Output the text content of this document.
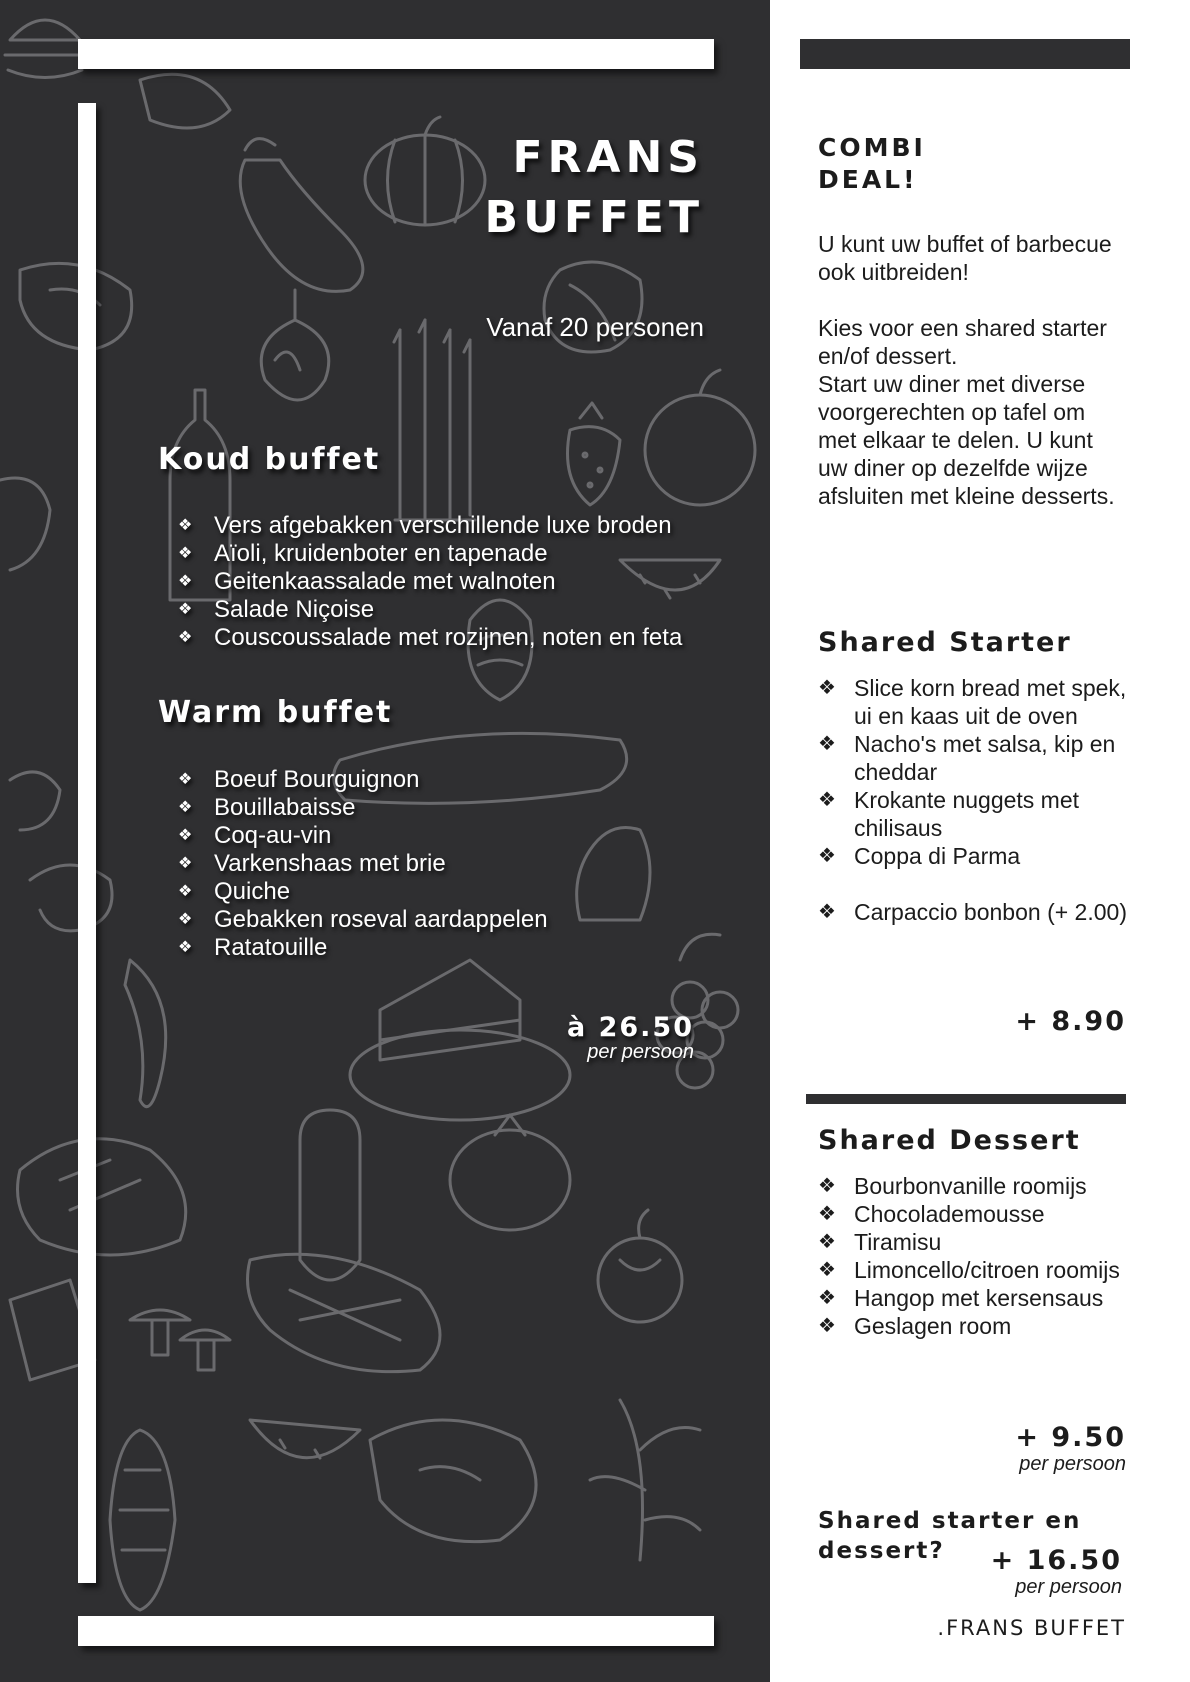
FRANS
BUFFET
Vanaf 20 personen
Koud buffet
❖ Vers afgebakken verschillende luxe broden
❖ Aïoli, kruidenboter en tapenade
❖ Geitenkaassalade met walnoten
❖ Salade Niçoise
❖ Couscoussalade met rozijnen, noten en feta
Warm buffet
❖ Boeuf Bourguignon
❖ Bouillabaisse
❖ Coq-au-vin
❖ Varkenshaas met brie
❖ Quiche
❖ Gebakken roseval aardappelen
❖ Ratatouille
à 26.50
per persoon
COMBI
DEAL!
U kunt uw buffet of barbecue ook uitbreiden!
Kies voor een shared starter en/of dessert.
Start uw diner met diverse voorgerechten op tafel om met elkaar te delen. U kunt uw diner op dezelfde wijze afsluiten met kleine desserts.
Shared Starter
❖ Slice korn bread met spek, ui en kaas uit de oven
❖ Nacho's met salsa, kip en cheddar
❖ Krokante nuggets met chilisaus
❖ Coppa di Parma
❖ Carpaccio bonbon (+ 2.00)
+ 8.90
Shared Dessert
❖ Bourbonvanille roomijs
❖ Chocolademousse
❖ Tiramisu
❖ Limoncello/citroen roomijs
❖ Hangop met kersensaus
❖ Geslagen room
+ 9.50
per persoon
Shared starter en dessert?	+ 16.50
per persoon
.FRANS BUFFET
